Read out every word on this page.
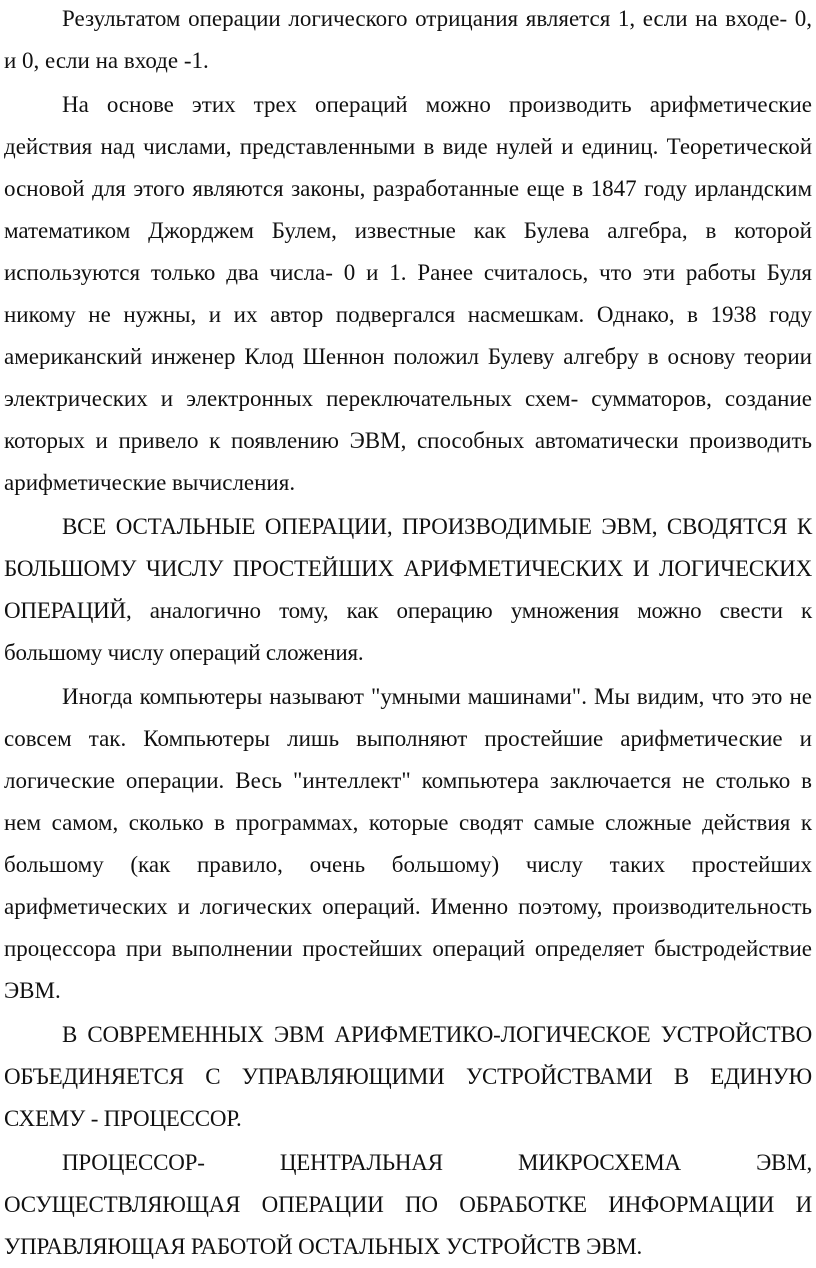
Результатом операции логического отрицания является 1, если на входе- 0, и 0, если на входе -1.

На основе этих трех операций можно производить арифметические действия над числами, представленными в виде нулей и единиц. Теоретической основой для этого являются законы, разработанные еще в 1847 году ирландским математиком Джорджем Булем, известные как Булева алгебра, в которой используются только два числа- 0 и 1. Ранее считалось, что эти работы Буля никому не нужны, и их автор подвергался насмешкам. Однако, в 1938 году американский инженер Клод Шеннон положил Булеву алгебру в основу теории электрических и электронных переключательных схем- сумматоров, создание которых и привело к появлению ЭВМ, способных автоматически производить арифметические вычисления.

ВСЕ ОСТАЛЬНЫЕ ОПЕРАЦИИ, ПРОИЗВОДИМЫЕ ЭВМ, СВОДЯТСЯ К БОЛЬШОМУ ЧИСЛУ ПРОСТЕЙШИХ АРИФМЕТИЧЕСКИХ И ЛОГИЧЕСКИХ ОПЕРАЦИЙ, аналогично тому, как операцию умножения можно свести к большому числу операций сложения.

Иногда компьютеры называют "умными машинами". Мы видим, что это не совсем так. Компьютеры лишь выполняют простейшие арифметические и логические операции. Весь "интеллект" компьютера заключается не столько в нем самом, сколько в программах, которые сводят самые сложные действия к большому (как правило, очень большому) числу таких простейших арифметических и логических операций. Именно поэтому, производительность процессора при выполнении простейших операций определяет быстродействие ЭВМ.

В СОВРЕМЕННЫХ ЭВМ АРИФМЕТИКО-ЛОГИЧЕСКОЕ УСТРОЙСТВО ОБЪЕДИНЯЕТСЯ С УПРАВЛЯЮЩИМИ УСТРОЙСТВАМИ В ЕДИНУЮ СХЕМУ - ПРОЦЕССОР.

ПРОЦЕССОР- ЦЕНТРАЛЬНАЯ МИКРОСХЕМА ЭВМ, ОСУЩЕСТВЛЯЮЩАЯ ОПЕРАЦИИ ПО ОБРАБОТКЕ ИНФОРМАЦИИ И УПРАВЛЯЮЩАЯ РАБОТОЙ ОСТАЛЬНЫХ УСТРОЙСТВ ЭВМ.
